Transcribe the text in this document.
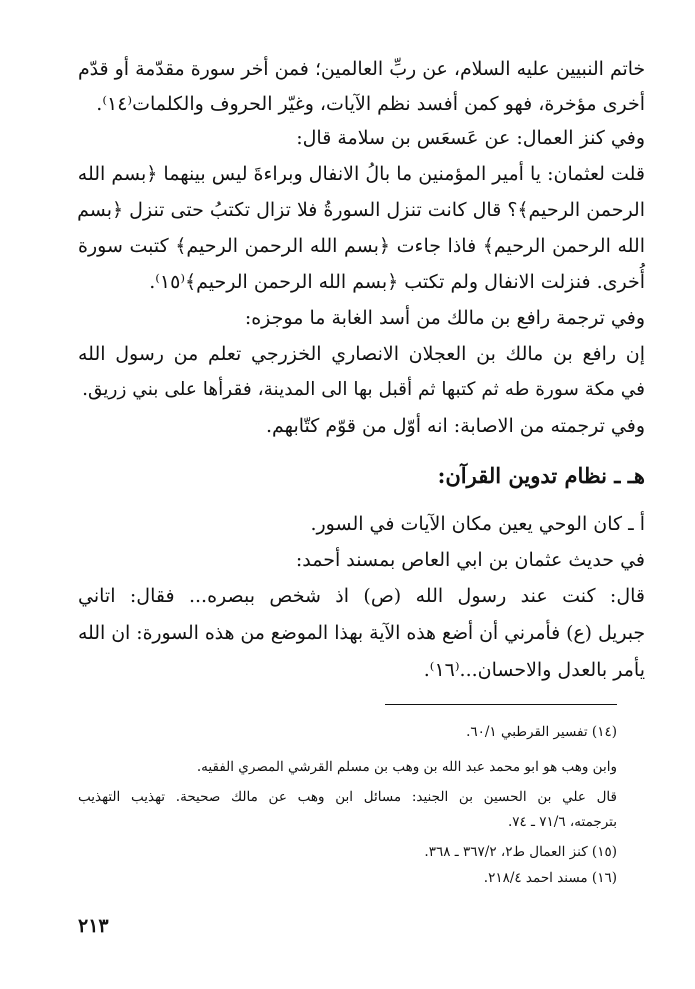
خاتم النبيين عليه السلام، عن ربِّ العالمين؛ فمن أخر سورة مقدّمة أو قدّم
أخرى مؤخرة، فهو كمن أفسد نظم الآيات، وغيّر الحروف والكلمات⁽١٤⁾.
وفي كنز العمال: عن عَسعَس بن سلامة قال:
قلت لعثمان: يا أمير المؤمنين ما بالُ الانفال وبراءةَ ليس بينهما ﴿بسم الله
الرحمن الرحيم﴾؟ قال كانت تنزل السورةُ فلا تزال تكتبُ حتى تنزل ﴿بسم
الله الرحمن الرحيم﴾ فاذا جاءت ﴿بسم الله الرحمن الرحيم﴾ كتبت سورة
أُخرى. فنزلت الانفال ولم تكتب ﴿بسم الله الرحمن الرحيم﴾⁽١٥⁾.
وفي ترجمة رافع بن مالك من أسد الغابة ما موجزه:
إن رافع بن مالك بن العجلان الانصاري الخزرجي تعلم من رسول الله
في مكة سورة طه ثم كتبها ثم أقبل بها الى المدينة، فقرأها على بني زريق.
وفي ترجمته من الاصابة: انه أوّل من قوّم كتّابهم.
هـ ـ نظام تدوين القرآن:
أ ـ كان الوحي يعين مكان الآيات في السور.
في حديث عثمان بن ابي العاص بمسند أحمد:
قال: كنت عند رسول الله (ص) اذ شخص ببصره... فقال: اتاني
جبريل (ع) فأمرني أن أضع هذه الآية بهذا الموضع من هذه السورة: ان الله
يأمر بالعدل والاحسان...⁽١٦⁾.
(١٤) تفسير القرطبي ٦٠/١.
وابن وهب هو ابو محمد عبد الله بن وهب بن مسلم القرشي المصري الفقيه.
قال علي بن الحسين بن الجنيد: مسائل ابن وهب عن مالك صحيحة. تهذيب التهذيب
بترجمته، ٧١/٦ ـ ٧٤.
(١٥) كنز العمال ط٢، ٣٦٧/٢ ـ ٣٦٨.
(١٦) مسند احمد ٢١٨/٤.
٢١٣
